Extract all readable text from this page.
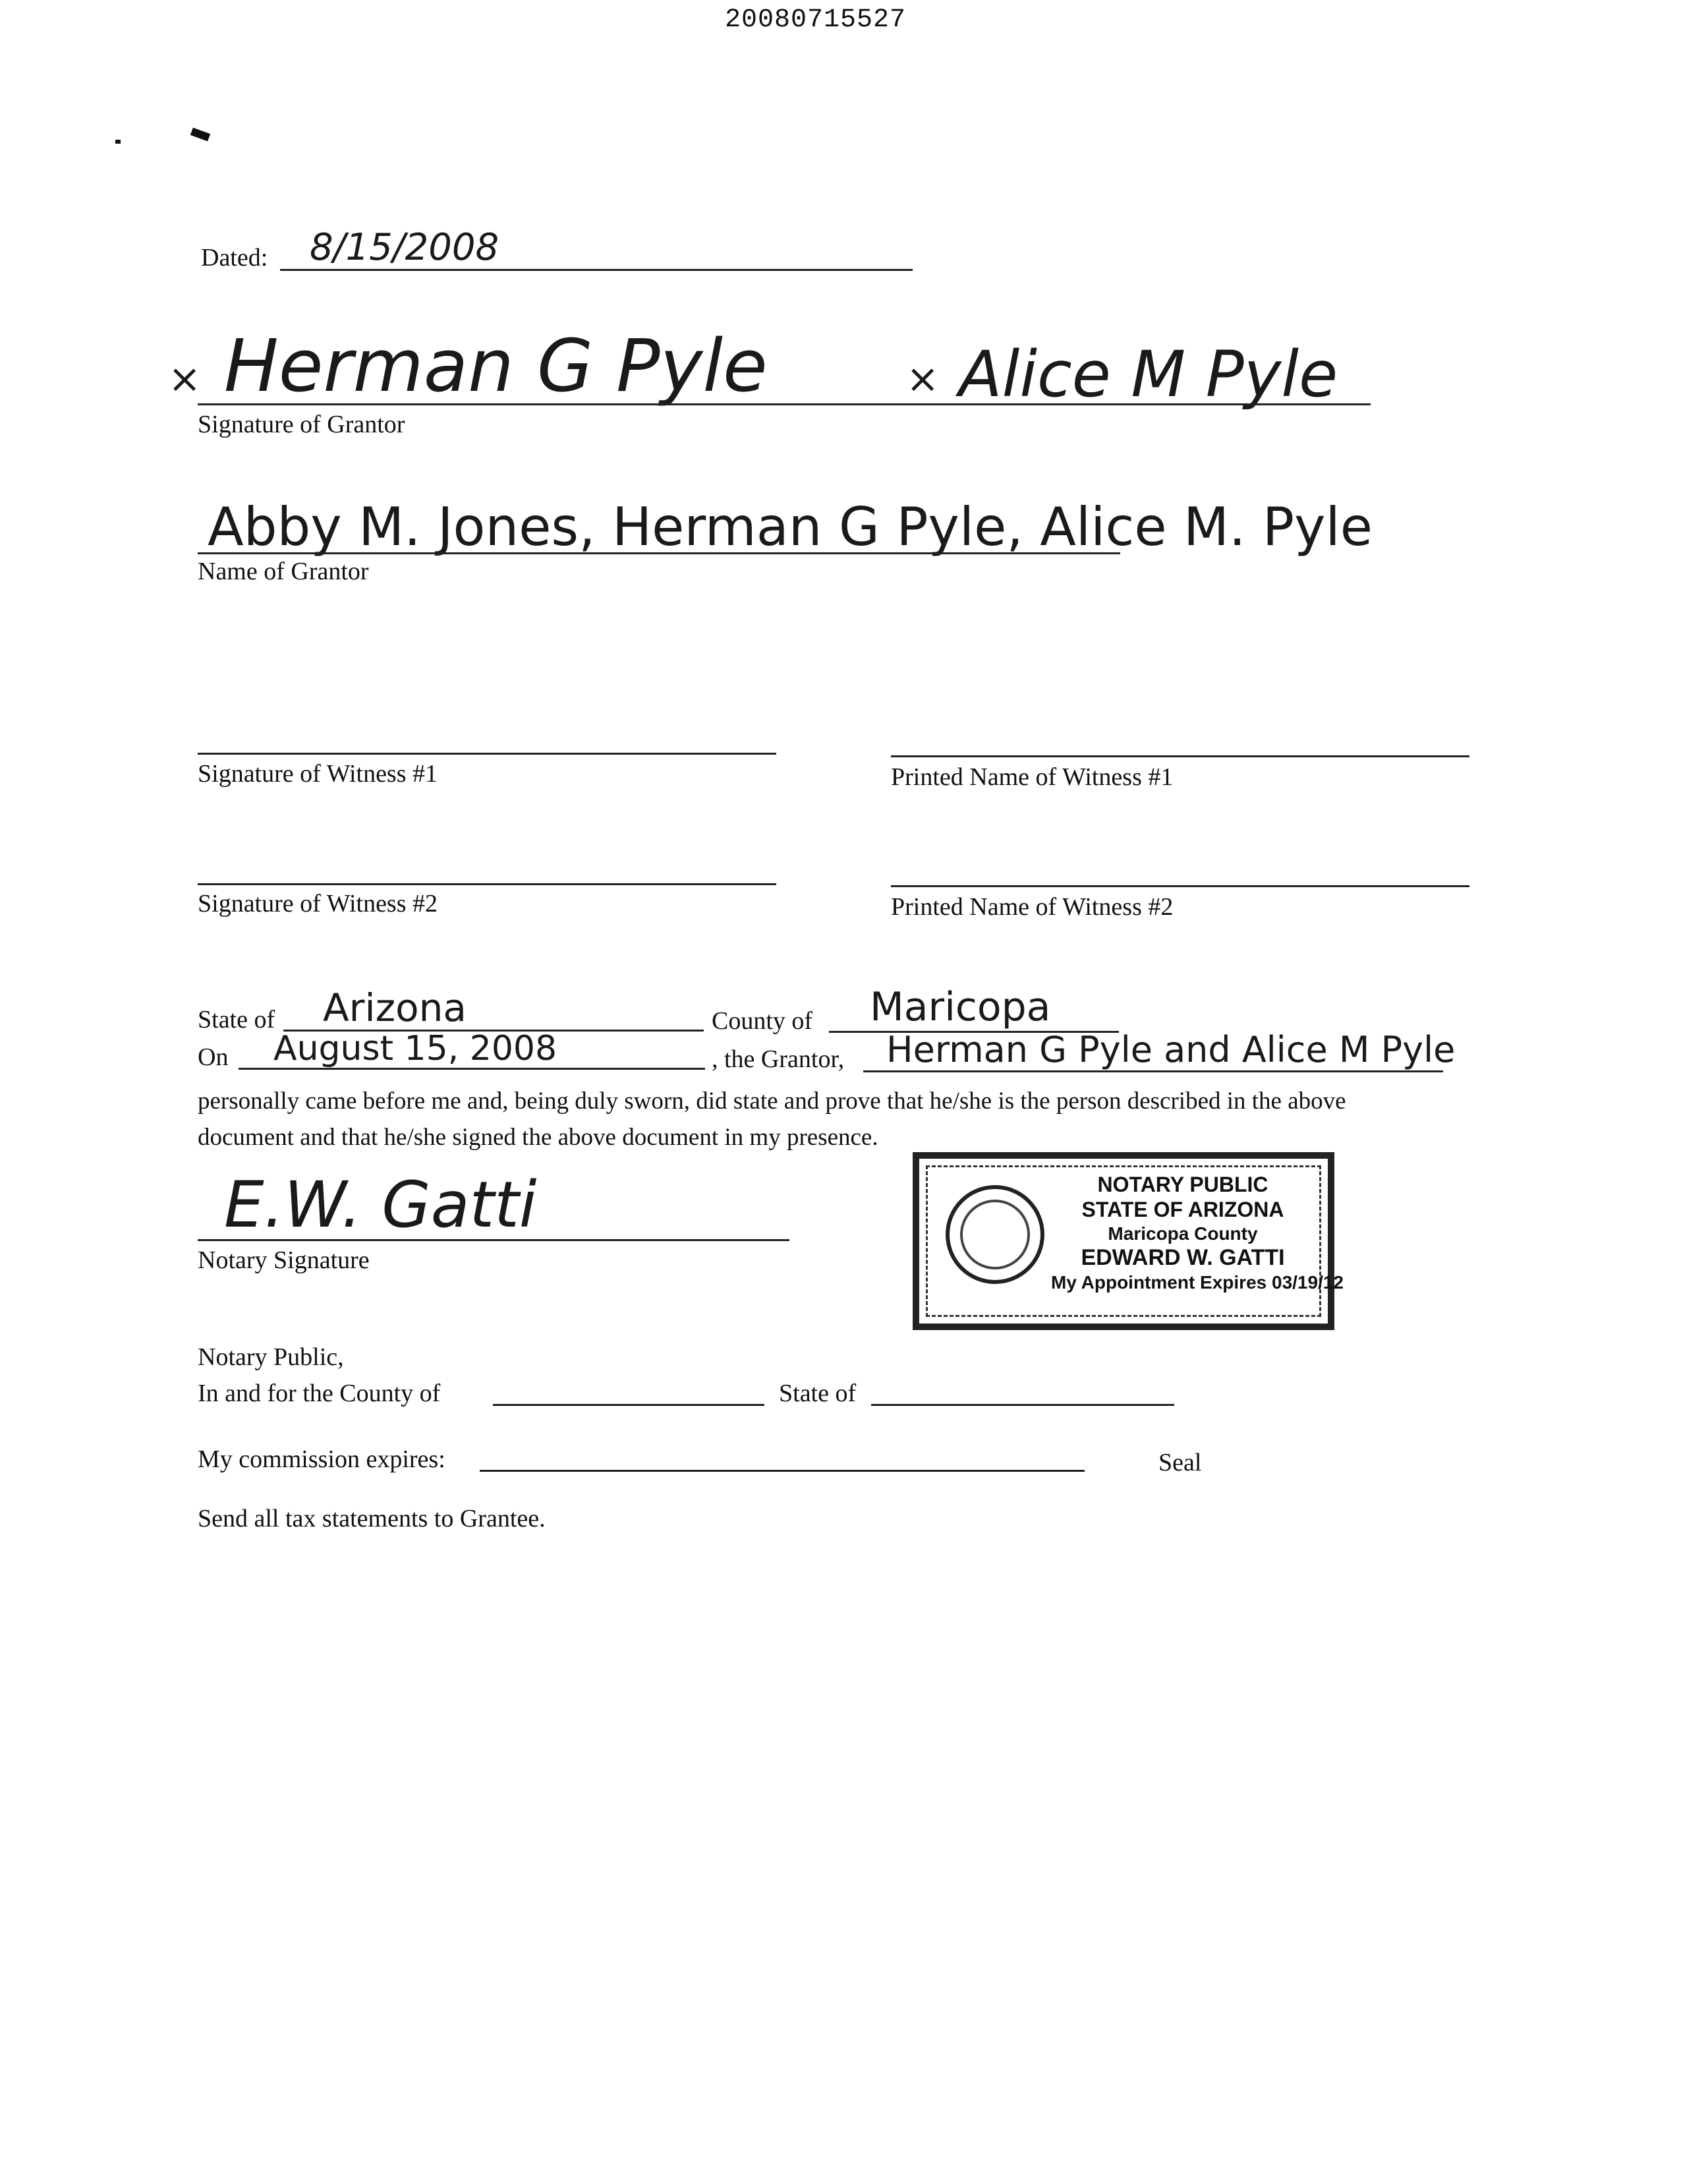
20080715527
Dated: 8/15/2008
× Herman G Pyle	× Alice M Pyle
Signature of Grantor
Abby M. Jones, Herman G Pyle, Alice M. Pyle
Name of Grantor
Signature of Witness #1	Printed Name of Witness #1
Signature of Witness #2	Printed Name of Witness #2
State of Arizona	County of Maricopa
On August 15, 2008	, the Grantor, Herman G Pyle and Alice M Pyle
personally came before me and, being duly sworn, did state and prove that he/she is the person described in the above
document and that he/she signed the above document in my presence.
E.W. Gatti
Notary Signature
NOTARY PUBLIC
STATE OF ARIZONA
Maricopa County
EDWARD W. GATTI
My Appointment Expires 03/19/12
Notary Public,
In and for the County of	State of
My commission expires:	Seal
Send all tax statements to Grantee.
